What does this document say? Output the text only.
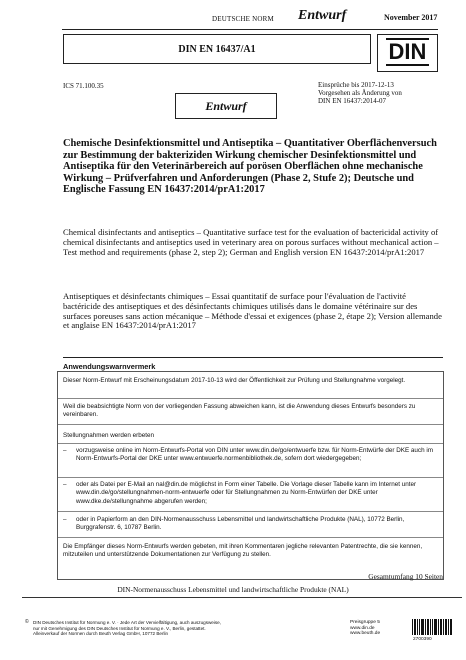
DEUTSCHE NORM Entwurf	November 2017
DIN EN 16437/A1	DIN
ICS 71.100.35	Einsprüche bis 2017-12-13
Vorgesehen als Änderung von
DIN EN 16437:2014-07
Entwurf
Chemische Desinfektionsmittel und Antiseptika – Quantitativer Oberflächenversuch zur Bestimmung der bakteriziden Wirkung chemischer Desinfektionsmittel und Antiseptika für den Veterinärbereich auf porösen Oberflächen ohne mechanische Wirkung – Prüfverfahren und Anforderungen (Phase 2, Stufe 2); Deutsche und Englische Fassung EN 16437:2014/prA1:2017
Chemical disinfectants and antiseptics – Quantitative surface test for the evaluation of bactericidal activity of chemical disinfectants and antiseptics used in veterinary area on porous surfaces without mechanical action – Test method and requirements (phase 2, step 2); German and English version EN 16437:2014/prA1:2017
Antiseptiques et désinfectants chimiques – Essai quantitatif de surface pour l'évaluation de l'activité bactéricide des antiseptiques et des désinfectants chimiques utilisés dans le domaine vétérinaire sur des surfaces poreuses sans action mécanique – Méthode d'essai et exigences (phase 2, étape 2); Version allemande et anglaise EN 16437:2014/prA1:2017
Anwendungswarnvermerk
Dieser Norm-Entwurf mit Erscheinungsdatum 2017-10-13 wird der Öffentlichkeit zur Prüfung und Stellungnahme vorgelegt.
Weil die beabsichtigte Norm von der vorliegenden Fassung abweichen kann, ist die Anwendung dieses Entwurfs besonders zu vereinbaren.
Stellungnahmen werden erbeten
–	vorzugsweise online im Norm-Entwurfs-Portal von DIN unter www.din.de/go/entwuerfe bzw. für Norm-Entwürfe der DKE auch im Norm-Entwurfs-Portal der DKE unter www.entwuerfe.normenbibliothek.de, sofern dort wiedergegeben;
–	oder als Datei per E-Mail an nal@din.de möglichst in Form einer Tabelle. Die Vorlage dieser Tabelle kann im Internet unter www.din.de/go/stellungnahmen-norm-entwuerfe oder für Stellungnahmen zu Norm-Entwürfen der DKE unter www.dke.de/stellungnahme abgerufen werden;
–	oder in Papierform an den DIN-Normenausschuss Lebensmittel und landwirtschaftliche Produkte (NAL), 10772 Berlin, Burggrafenstr. 6, 10787 Berlin.
Die Empfänger dieses Norm-Entwurfs werden gebeten, mit ihren Kommentaren jegliche relevanten Patentrechte, die sie kennen, mitzuteilen und unterstützende Dokumentationen zur Verfügung zu stellen.
Gesamtumfang 10 Seiten
DIN-Normenausschuss Lebensmittel und landwirtschaftliche Produkte (NAL)
© DIN Deutsches Institut für Normung e. V. · Jede Art der Vervielfältigung, auch auszugsweise,
nur mit Genehmigung des DIN Deutsches Institut für Normung e. V., Berlin, gestattet.
Alleinverkauf der Normen durch Beuth Verlag GmbH, 10772 Berlin
Preisgruppe 5
www.din.de
www.beuth.de
2700390
